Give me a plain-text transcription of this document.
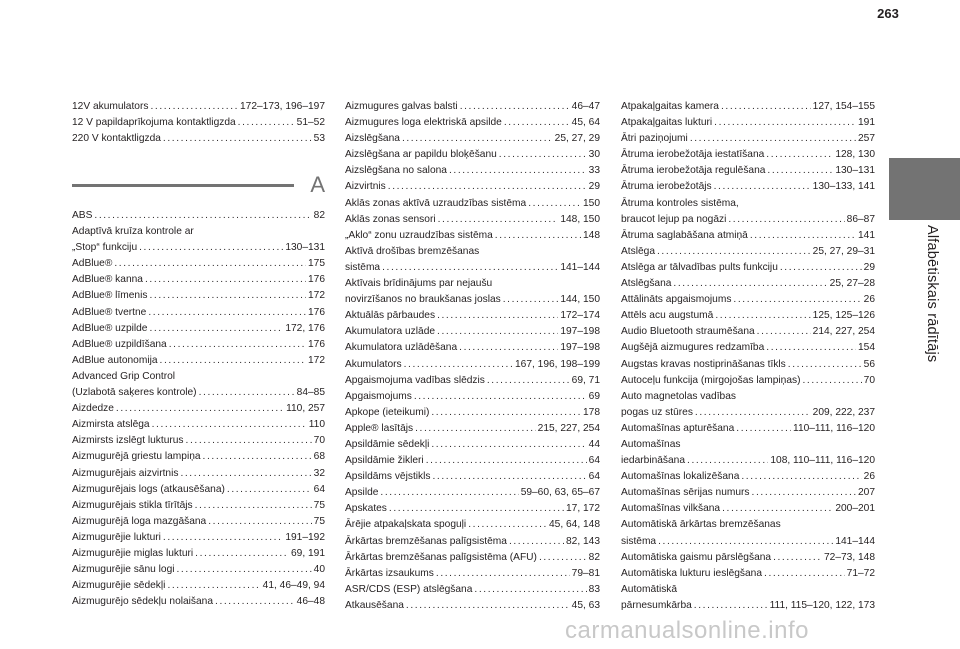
263
Alfabētiskais rādītājs
12V akumulators .....	172–173, 196–197
12 V papildaprīkojuma kontaktligzda .....	51–52
220 V kontaktligzda .....	53
ABS .....	82
Adaptīvā kruīza kontrole ar
„Stop“ funkciju .....	130–131
AdBlue® .....	175
AdBlue® kanna .....	176
AdBlue® līmenis .....	172
AdBlue® tvertne .....	176
AdBlue® uzpilde .....	172, 176
AdBlue® uzpildīšana .....	176
AdBlue autonomija .....	172
Advanced Grip Control
(Uzlabotā saķeres kontrole) .....	84–85
Aizdedze .....	110, 257
Aizmirsta atslēga .....	110
Aizmirsts izslēgt lukturus .....	70
Aizmugurējā griestu lampiņa .....	68
Aizmugurējais aizvirtnis .....	32
Aizmugurējais logs (atkausēšana) .....	64
Aizmugurējais stikla tīrītājs .....	75
Aizmugurējā loga mazgāšana .....	75
Aizmugurējie lukturi .....	191–192
Aizmugurējie miglas lukturi .....	69, 191
Aizmugurējie sānu logi .....	40
Aizmugurējie sēdekļi .....	41, 46–49, 94
Aizmugurējo sēdekļu nolaišana .....	46–48
A
Aizmugures galvas balsti .....	46–47
Aizmugures loga elektriskā apsilde .....	45, 64
Aizslēgšana .....	25, 27, 29
Aizslēgšana ar papildu bloķēšanu .....	30
Aizslēgšana no salona .....	33
Aizvirtnis .....	29
Aklās zonas aktīvā uzraudzības sistēma .....	150
Aklās zonas sensori .....	148, 150
„Aklo“ zonu uzraudzības sistēma .....	148
Aktīvā drošības bremzēšanas
sistēma .....	141–144
Aktīvais brīdinājums par nejaušu
novirzīšanos no braukšanas joslas .....	144, 150
Aktuālās pārbaudes .....	172–174
Akumulatora uzlāde .....	197–198
Akumulatora uzlādēšana .....	197–198
Akumulators .....	167, 196, 198–199
Apgaismojuma vadības slēdzis .....	69, 71
Apgaismojums .....	69
Apkope (ieteikumi) .....	178
Apple® lasītājs .....	215, 227, 254
Apsildāmie sēdekļi .....	44
Apsildāmie žikleri .....	64
Apsildāms vējstikls .....	64
Apsilde .....	59–60, 63, 65–67
Apskates .....	17, 172
Ārējie atpakaļskata spoguļi .....	45, 64, 148
Ārkārtas bremzēšanas palīgsistēma .....	82, 143
Ārkārtas bremzēšanas palīgsistēma (AFU) .....	82
Ārkārtas izsaukums .....	79–81
ASR/CDS (ESP) atslēgšana .....	83
Atkausēšana .....	45, 63
Atpakaļgaitas kamera .....	127, 154–155
Atpakaļgaitas lukturi .....	191
Ātri paziņojumi .....	257
Ātruma ierobežotāja iestatīšana .....	128, 130
Ātruma ierobežotāja regulēšana .....	130–131
Ātruma ierobežotājs .....	130–133, 141
Ātruma kontroles sistēma,
braucot lejup pa nogāzi .....	86–87
Ātruma saglabāšana atmiņā .....	141
Atslēga .....	25, 27, 29–31
Atslēga ar tālvadības pults funkciju .....	29
Atslēgšana .....	25, 27–28
Attālināts apgaismojums .....	26
Attēls acu augstumā .....	125, 125–126
Audio Bluetooth straumēšana .....	214, 227, 254
Augšējā aizmugures redzamība .....	154
Augstas kravas nostiprināšanas tīkls .....	56
Autoceļu funkcija (mirgojošas lampiņas) .....	70
Auto magnetolas vadības
pogas uz stūres .....	209, 222, 237
Automašīnas apturēšana .....	110–111, 116–120
Automašīnas
iedarbināšana .....	108, 110–111, 116–120
Automašīnas lokalizēšana .....	26
Automašīnas sērijas numurs .....	207
Automašīnas vilkšana .....	200–201
Automātiskā ārkārtas bremzēšanas
sistēma .....	141–144
Automātiska gaismu pārslēgšana .....	72–73, 148
Automātiska lukturu ieslēgšana .....	71–72
Automātiskā
pārnesumkārba .....	111, 115–120, 122, 173
carmanualsonline.info
